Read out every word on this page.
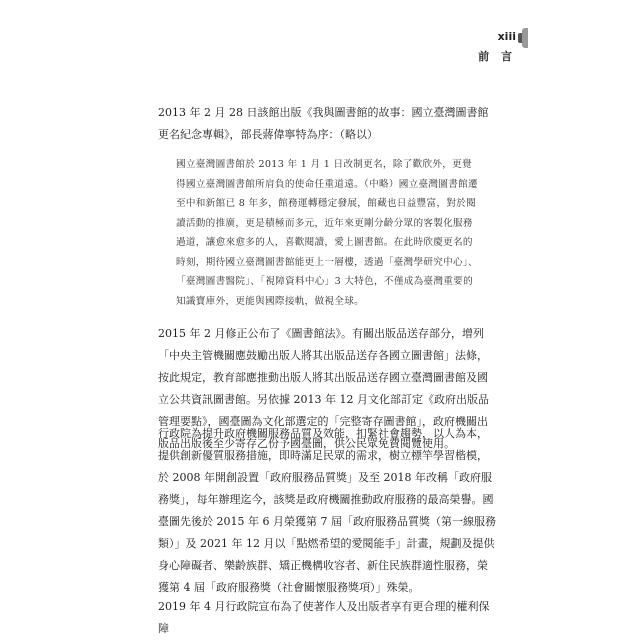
xiii
前 言

2013 年 2 月 28 日該館出版《我與圖書館的故事：國立臺灣圖書館更名紀念專輯》，部長蔣偉寧特為序：（略以）

國立臺灣圖書館於 2013 年 1 月 1 日改制更名，除了歡欣外，更覺得國立臺灣圖書館所肩負的使命任重道遠。（中略）國立臺灣圖書館遷至中和新館已 8 年多，館務運轉穩定發展，館藏也日益豐富，對於閱讀活動的推廣，更是積極而多元，近年來更剛分齡分眾的客製化服務過道，讓愈來愈多的人，喜歡閱讀，愛上圖書館。在此時欣慶更名的時刻，期待國立臺灣圖書館能更上一層樓，透過「臺灣學研究中心」、「臺灣圖書醫院」、「視障資料中心」3 大特色，不僅成為臺灣重要的知識寶庫外，更能與國際接軌，做視全球。

2015 年 2 月修正公布了《圖書館法》。有關出版品送存部分，增列「中央主管機關應鼓勵出版人將其出版品送存各國立圖書館」法條，按此規定，教育部應推動出版人將其出版品送存國立臺灣圖書館及國立公共資訊圖書館。另依據 2013 年 12 月文化部訂定《政府出版品管理要點》，國臺圖為文化部選定的「完整寄存圖書館」，政府機關出版品出版後至少寄存乙份予國臺圖，供公民眾免費閱覽使用。

行政院為提升政府機關服務品質及效能，扣緊社會趨勢，以人為本，提供創新優質服務措施，即時滿足民眾的需求，樹立標竿學習楷模，於 2008 年開創設置「政府服務品質獎」及至 2018 年改稱「政府服務獎」，每年辦理迄今，該獎是政府機關推動政府服務的最高榮譽。國臺圖先後於 2015 年 6 月榮獲第 7 屆「政府服務品質獎（第一線服務類）」及 2021 年 12 月以「點燃希望的愛閱能手」計畫，規劃及提供身心障礙者、樂齡族群、矯正機構收容者、新住民族群適性服務，榮獲第 4 屆「政府服務獎（社會關懷服務獎項）」殊榮。

2019 年 4 月行政院宣布為了使著作人及出版者享有更合理的權利保障
